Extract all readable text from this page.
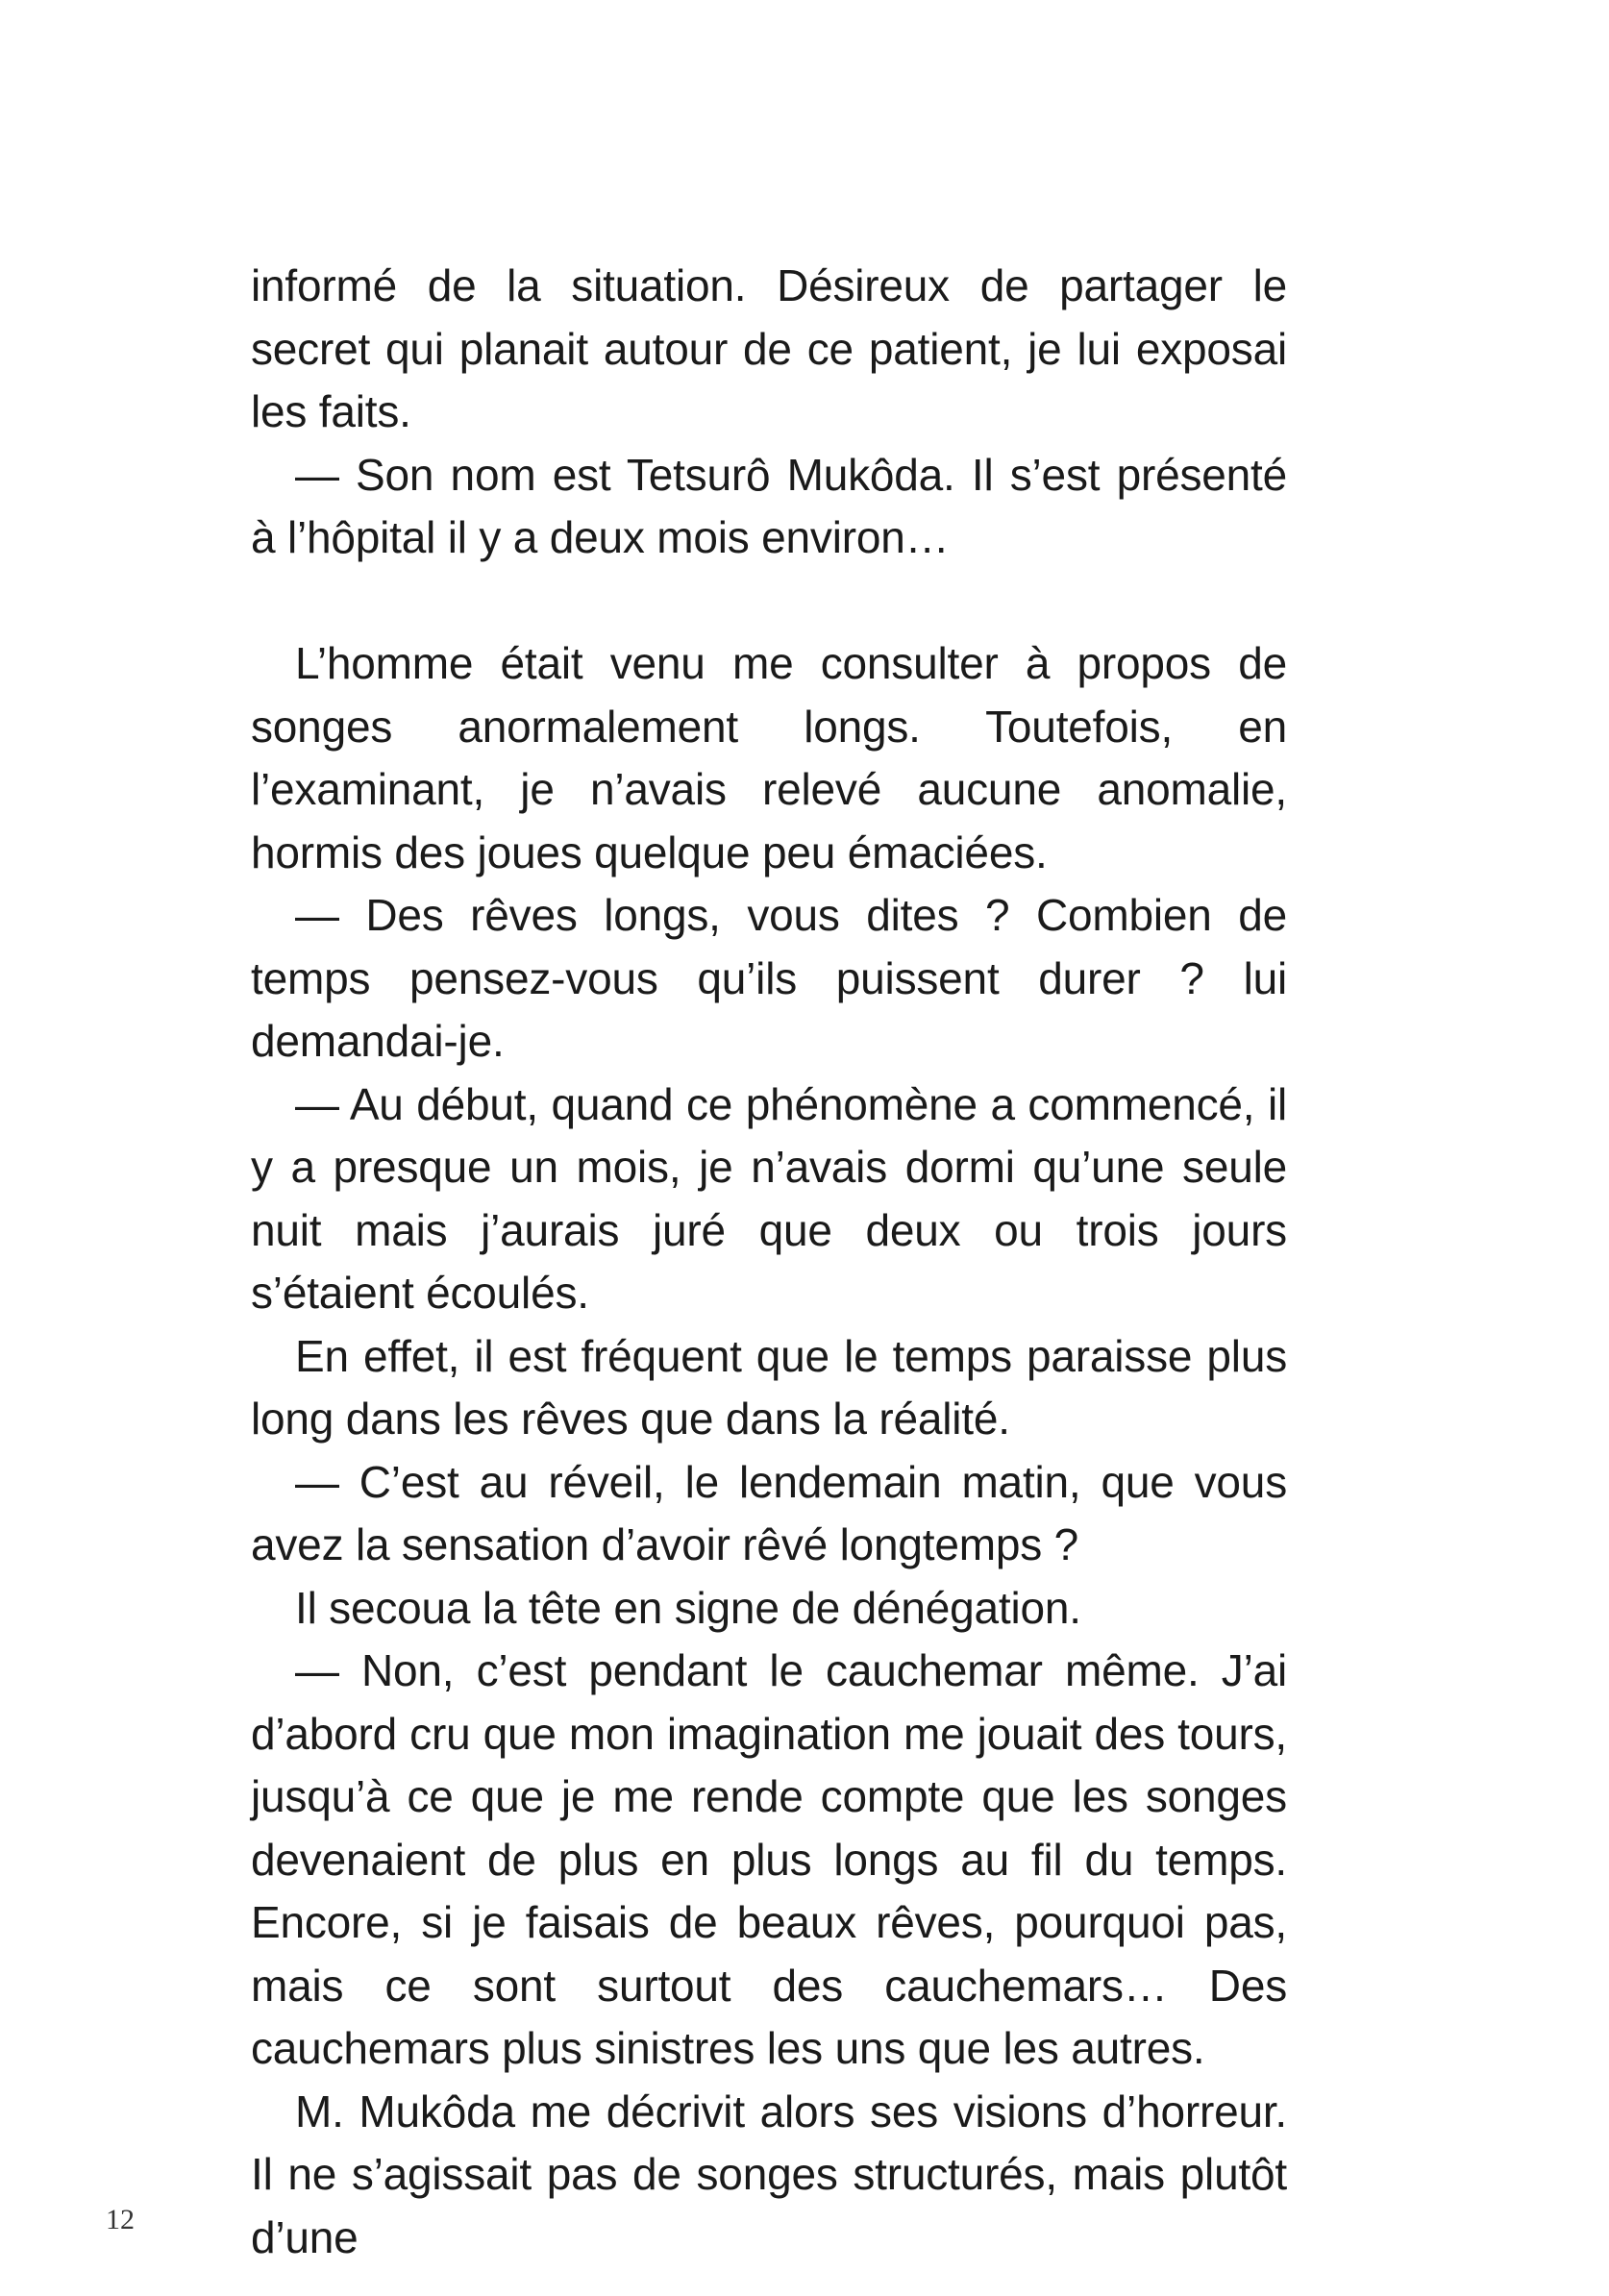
informé de la situation. Désireux de partager le secret qui planait autour de ce patient, je lui exposai les faits.

— Son nom est Tetsurô Mukôda. Il s’est présenté à l’hôpital il y a deux mois environ…

L’homme était venu me consulter à propos de songes anormalement longs. Toutefois, en l’examinant, je n’avais relevé aucune anomalie, hormis des joues quelque peu émaciées.

— Des rêves longs, vous dites ? Combien de temps pensez-vous qu’ils puissent durer ? lui demandai-je.

— Au début, quand ce phénomène a commencé, il y a presque un mois, je n’avais dormi qu’une seule nuit mais j’aurais juré que deux ou trois jours s’étaient écoulés.

En effet, il est fréquent que le temps paraisse plus long dans les rêves que dans la réalité.

— C’est au réveil, le lendemain matin, que vous avez la sensation d’avoir rêvé longtemps ?

Il secoua la tête en signe de dénégation.

— Non, c’est pendant le cauchemar même. J’ai d’abord cru que mon imagination me jouait des tours, jusqu’à ce que je me rende compte que les songes devenaient de plus en plus longs au fil du temps. Encore, si je faisais de beaux rêves, pourquoi pas, mais ce sont surtout des cauchemars… Des cauchemars plus sinistres les uns que les autres.

M. Mukôda me décrivit alors ses visions d’horreur. Il ne s’agissait pas de songes structurés, mais plutôt d’une

12
